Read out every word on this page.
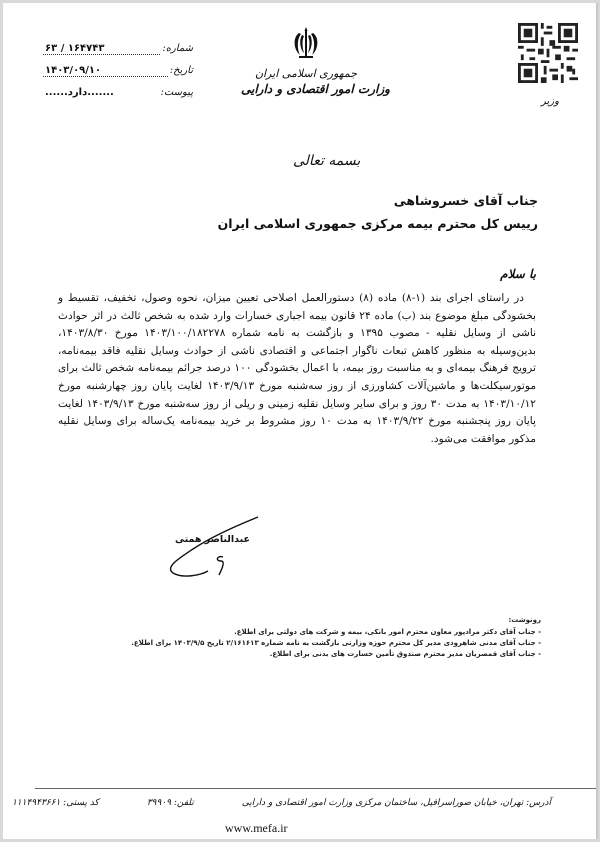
شماره:
۶۳ / ۱۶۴۷۴۳
تاریخ:
۱۴۰۳/۰۹/۱۰
پیوست:
......دارد.......
جمهوری اسلامی ایران
وزارت امور اقتصادی و دارایی
وزیر
بسمه تعالی
جناب آقای خسروشاهی
رییس کل محترم بیمه مرکزی جمهوری اسلامی ایران
با سلام
در راستای اجرای بند (۱-۸) ماده (۸) دستورالعمل اصلاحی تعیین میزان، نحوه وصول، تخفیف، تقسیط و بخشودگی مبلغ موضوع بند (ب) ماده ۲۴ قانون بیمه اجباری خسارات وارد شده به شخص ثالث در اثر حوادث ناشی از وسایل نقلیه - مصوب ۱۳۹۵ و بازگشت به نامه شماره ۱۴۰۳/۱۰۰/۱۸۲۲۷۸ مورخ ۱۴۰۳/۸/۳۰، بدین‌وسیله به منظور کاهش تبعات ناگوار اجتماعی و اقتصادی ناشی از حوادث وسایل نقلیه فاقد بیمه‌نامه، ترویج فرهنگ بیمه‌ای و به مناسبت روز بیمه، با اعمال بخشودگی ۱۰۰ درصد جرائم بیمه‌نامه شخص ثالث برای موتورسیکلت‌ها و ماشین‌آلات کشاورزی از روز سه‌شنبه مورخ ۱۴۰۳/۹/۱۳ لغایت پایان روز چهارشنبه مورخ ۱۴۰۳/۱۰/۱۲ به مدت ۳۰ روز و برای سایر وسایل نقلیه زمینی و ریلی از روز سه‌شنبه مورخ ۱۴۰۳/۹/۱۳ لغایت پایان روز پنجشنبه مورخ ۱۴۰۳/۹/۲۲ به مدت ۱۰ روز مشروط بر خرید بیمه‌نامه یک‌ساله برای وسایل نقلیه مذکور موافقت می‌شود.
عبدالناصر همتی
رونوشت:
- جناب آقای دکتر مرادپور معاون محترم امور بانکی، بیمه و شرکت های دولتی برای اطلاع.
- جناب آقای مدنی شاهرودی مدیر کل محترم حوزه وزارتی بازگشت به نامه شماره ۲/۱۶۱۶۱۳ تاریخ ۱۴۰۳/۹/۵ برای اطلاع.
- جناب آقای قمصریان مدیر محترم صندوق تأمین خسارت های بدنی برای اطلاع.
آدرس: تهران، خیابان صوراسرافیل، ساختمان مرکزی وزارت امور اقتصادی و دارایی
تلفن: ۳۹۹۰۹
کد پستی: ۱۱۱۴۹۴۳۶۶۱
www.mefa.ir
